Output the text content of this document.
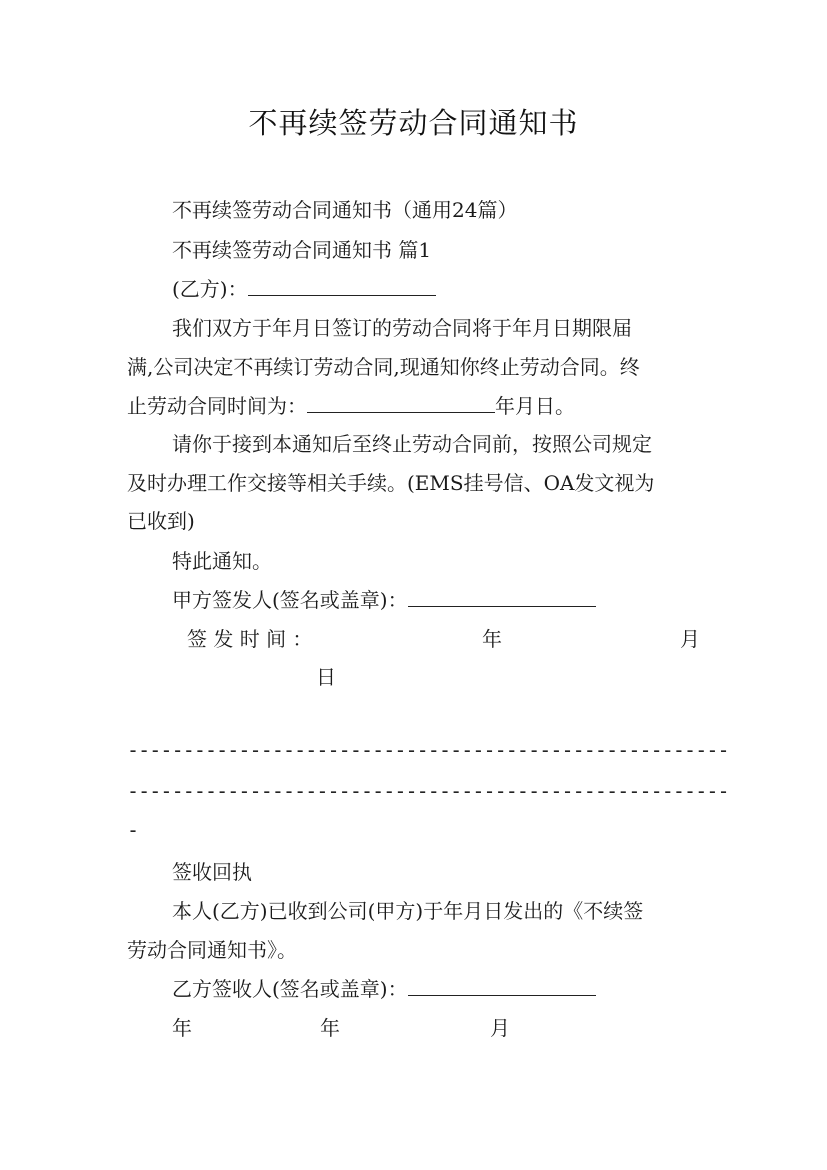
不再续签劳动合同通知书
不再续签劳动合同通知书（通用24篇）
不再续签劳动合同通知书 篇1
(乙方)：
我们双方于年月日签订的劳动合同将于年月日期限届
满,公司决定不再续订劳动合同,现通知你终止劳动合同。终
止劳动合同时间为：	年月日。
请你于接到本通知后至终止劳动合同前，按照公司规定
及时办理工作交接等相关手续。(EMS挂号信、OA发文视为
已收到)
特此通知。
甲方签发人(签名或盖章)：
签 发 时 间 ：	年	月
日
------------------------------------------------------
------------------------------------------------------
-
签收回执
本人(乙方)已收到公司(甲方)于年月日发出的《不续签
劳动合同通知书》。
乙方签收人(签名或盖章)：
年	年	月
